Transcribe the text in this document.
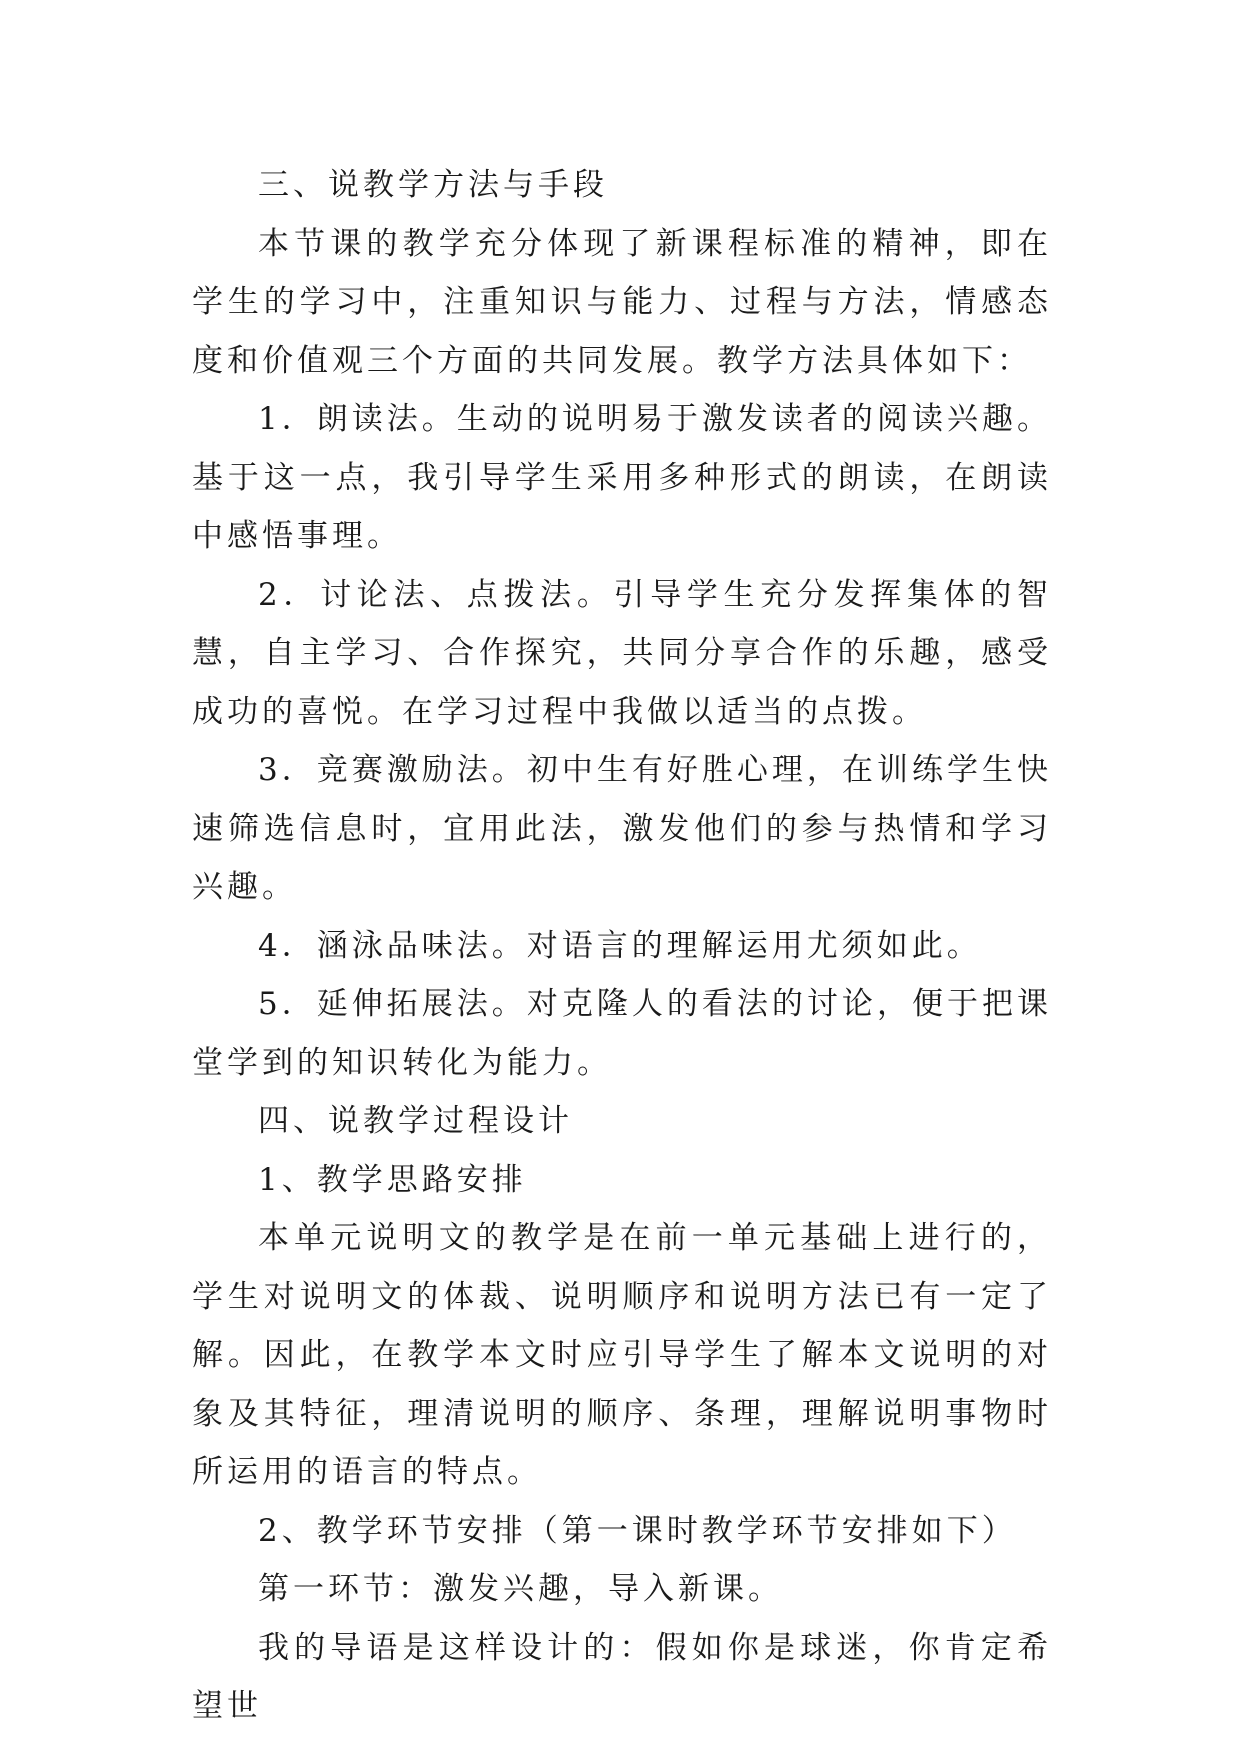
三、说教学方法与手段

本节课的教学充分体现了新课程标准的精神，即在学生的学习中，注重知识与能力、过程与方法，情感态度和价值观三个方面的共同发展。教学方法具体如下：

1．朗读法。生动的说明易于激发读者的阅读兴趣。基于这一点，我引导学生采用多种形式的朗读，在朗读中感悟事理。

2．讨论法、点拨法。引导学生充分发挥集体的智慧，自主学习、合作探究，共同分享合作的乐趣，感受成功的喜悦。在学习过程中我做以适当的点拨。

3．竞赛激励法。初中生有好胜心理，在训练学生快速筛选信息时，宜用此法，激发他们的参与热情和学习兴趣。

4．涵泳品味法。对语言的理解运用尤须如此。

5．延伸拓展法。对克隆人的看法的讨论，便于把课堂学到的知识转化为能力。

四、说教学过程设计

1、教学思路安排

本单元说明文的教学是在前一单元基础上进行的，学生对说明文的体裁、说明顺序和说明方法已有一定了解。因此，在教学本文时应引导学生了解本文说明的对象及其特征，理清说明的顺序、条理，理解说明事物时所运用的语言的特点。

2、教学环节安排（第一课时教学环节安排如下）

第一环节：激发兴趣，导入新课。

我的导语是这样设计的：假如你是球迷，你肯定希望世
